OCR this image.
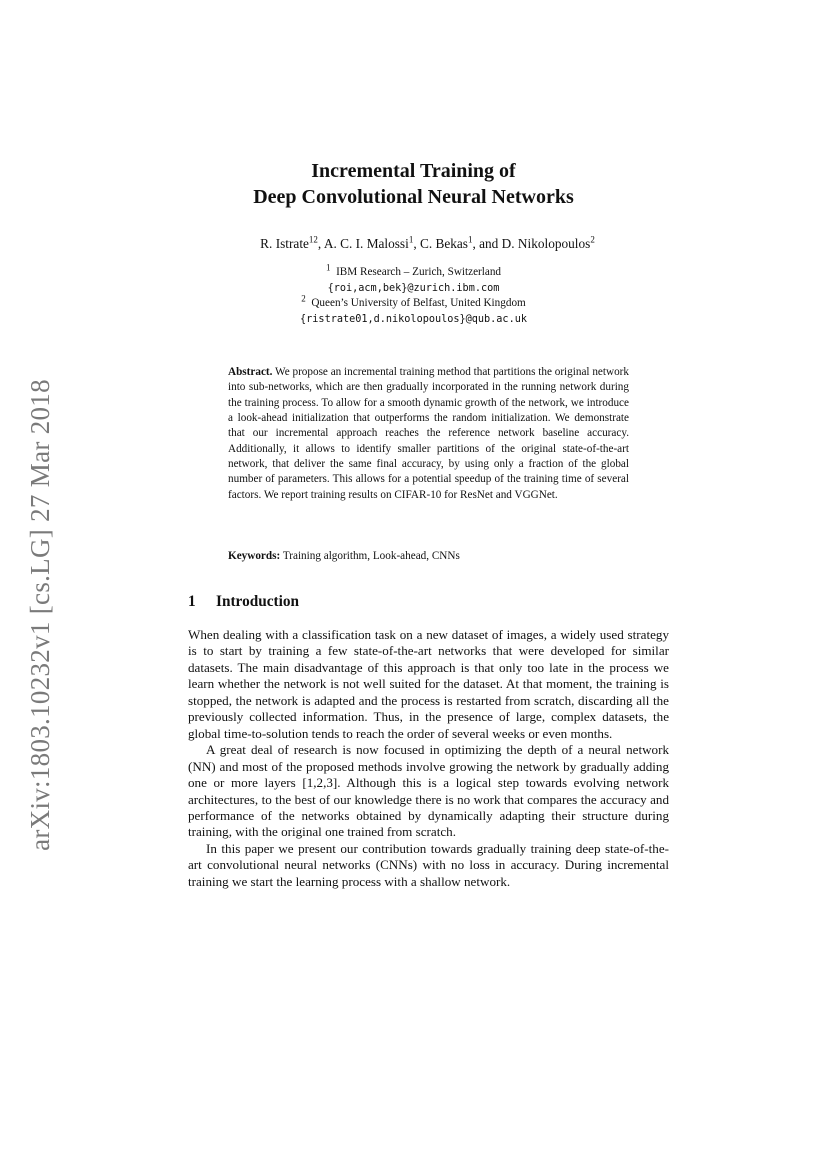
arXiv:1803.10232v1 [cs.LG] 27 Mar 2018
Incremental Training of
Deep Convolutional Neural Networks
R. Istrate$^{12}$, A. C. I. Malossi$^1$, C. Bekas$^1$, and D. Nikolopoulos$^2$
$^1$ IBM Research – Zurich, Switzerland
{roi,acm,bek}@zurich.ibm.com
$^2$ Queen’s University of Belfast, United Kingdom
{ristrate01,d.nikolopoulos}@qub.ac.uk
Abstract. We propose an incremental training method that partitions the original network into sub-networks, which are then gradually incorporated in the running network during the training process. To allow for a smooth dynamic growth of the network, we introduce a look-ahead initialization that outperforms the random initialization. We demonstrate that our incremental approach reaches the reference network baseline accuracy. Additionally, it allows to identify smaller partitions of the original state-of-the-art network, that deliver the same final accuracy, by using only a fraction of the global number of parameters. This allows for a potential speedup of the training time of several factors. We report training results on CIFAR-10 for ResNet and VGGNet.
Keywords: Training algorithm, Look-ahead, CNNs
1 Introduction

When dealing with a classification task on a new dataset of images, a widely used strategy is to start by training a few state-of-the-art networks that were developed for similar datasets. The main disadvantage of this approach is that only too late in the process we learn whether the network is not well suited for the dataset. At that moment, the training is stopped, the network is adapted and the process is restarted from scratch, discarding all the previously collected information. Thus, in the presence of large, complex datasets, the global time-to-solution tends to reach the order of several weeks or even months.

A great deal of research is now focused in optimizing the depth of a neural network (NN) and most of the proposed methods involve growing the network by gradually adding one or more layers [1,2,3]. Although this is a logical step towards evolving network architectures, to the best of our knowledge there is no work that compares the accuracy and performance of the networks obtained by dynamically adapting their structure during training, with the original one trained from scratch.

In this paper we present our contribution towards gradually training deep state-of-the-art convolutional neural networks (CNNs) with no loss in accuracy. During incremental training we start the learning process with a shallow network.
